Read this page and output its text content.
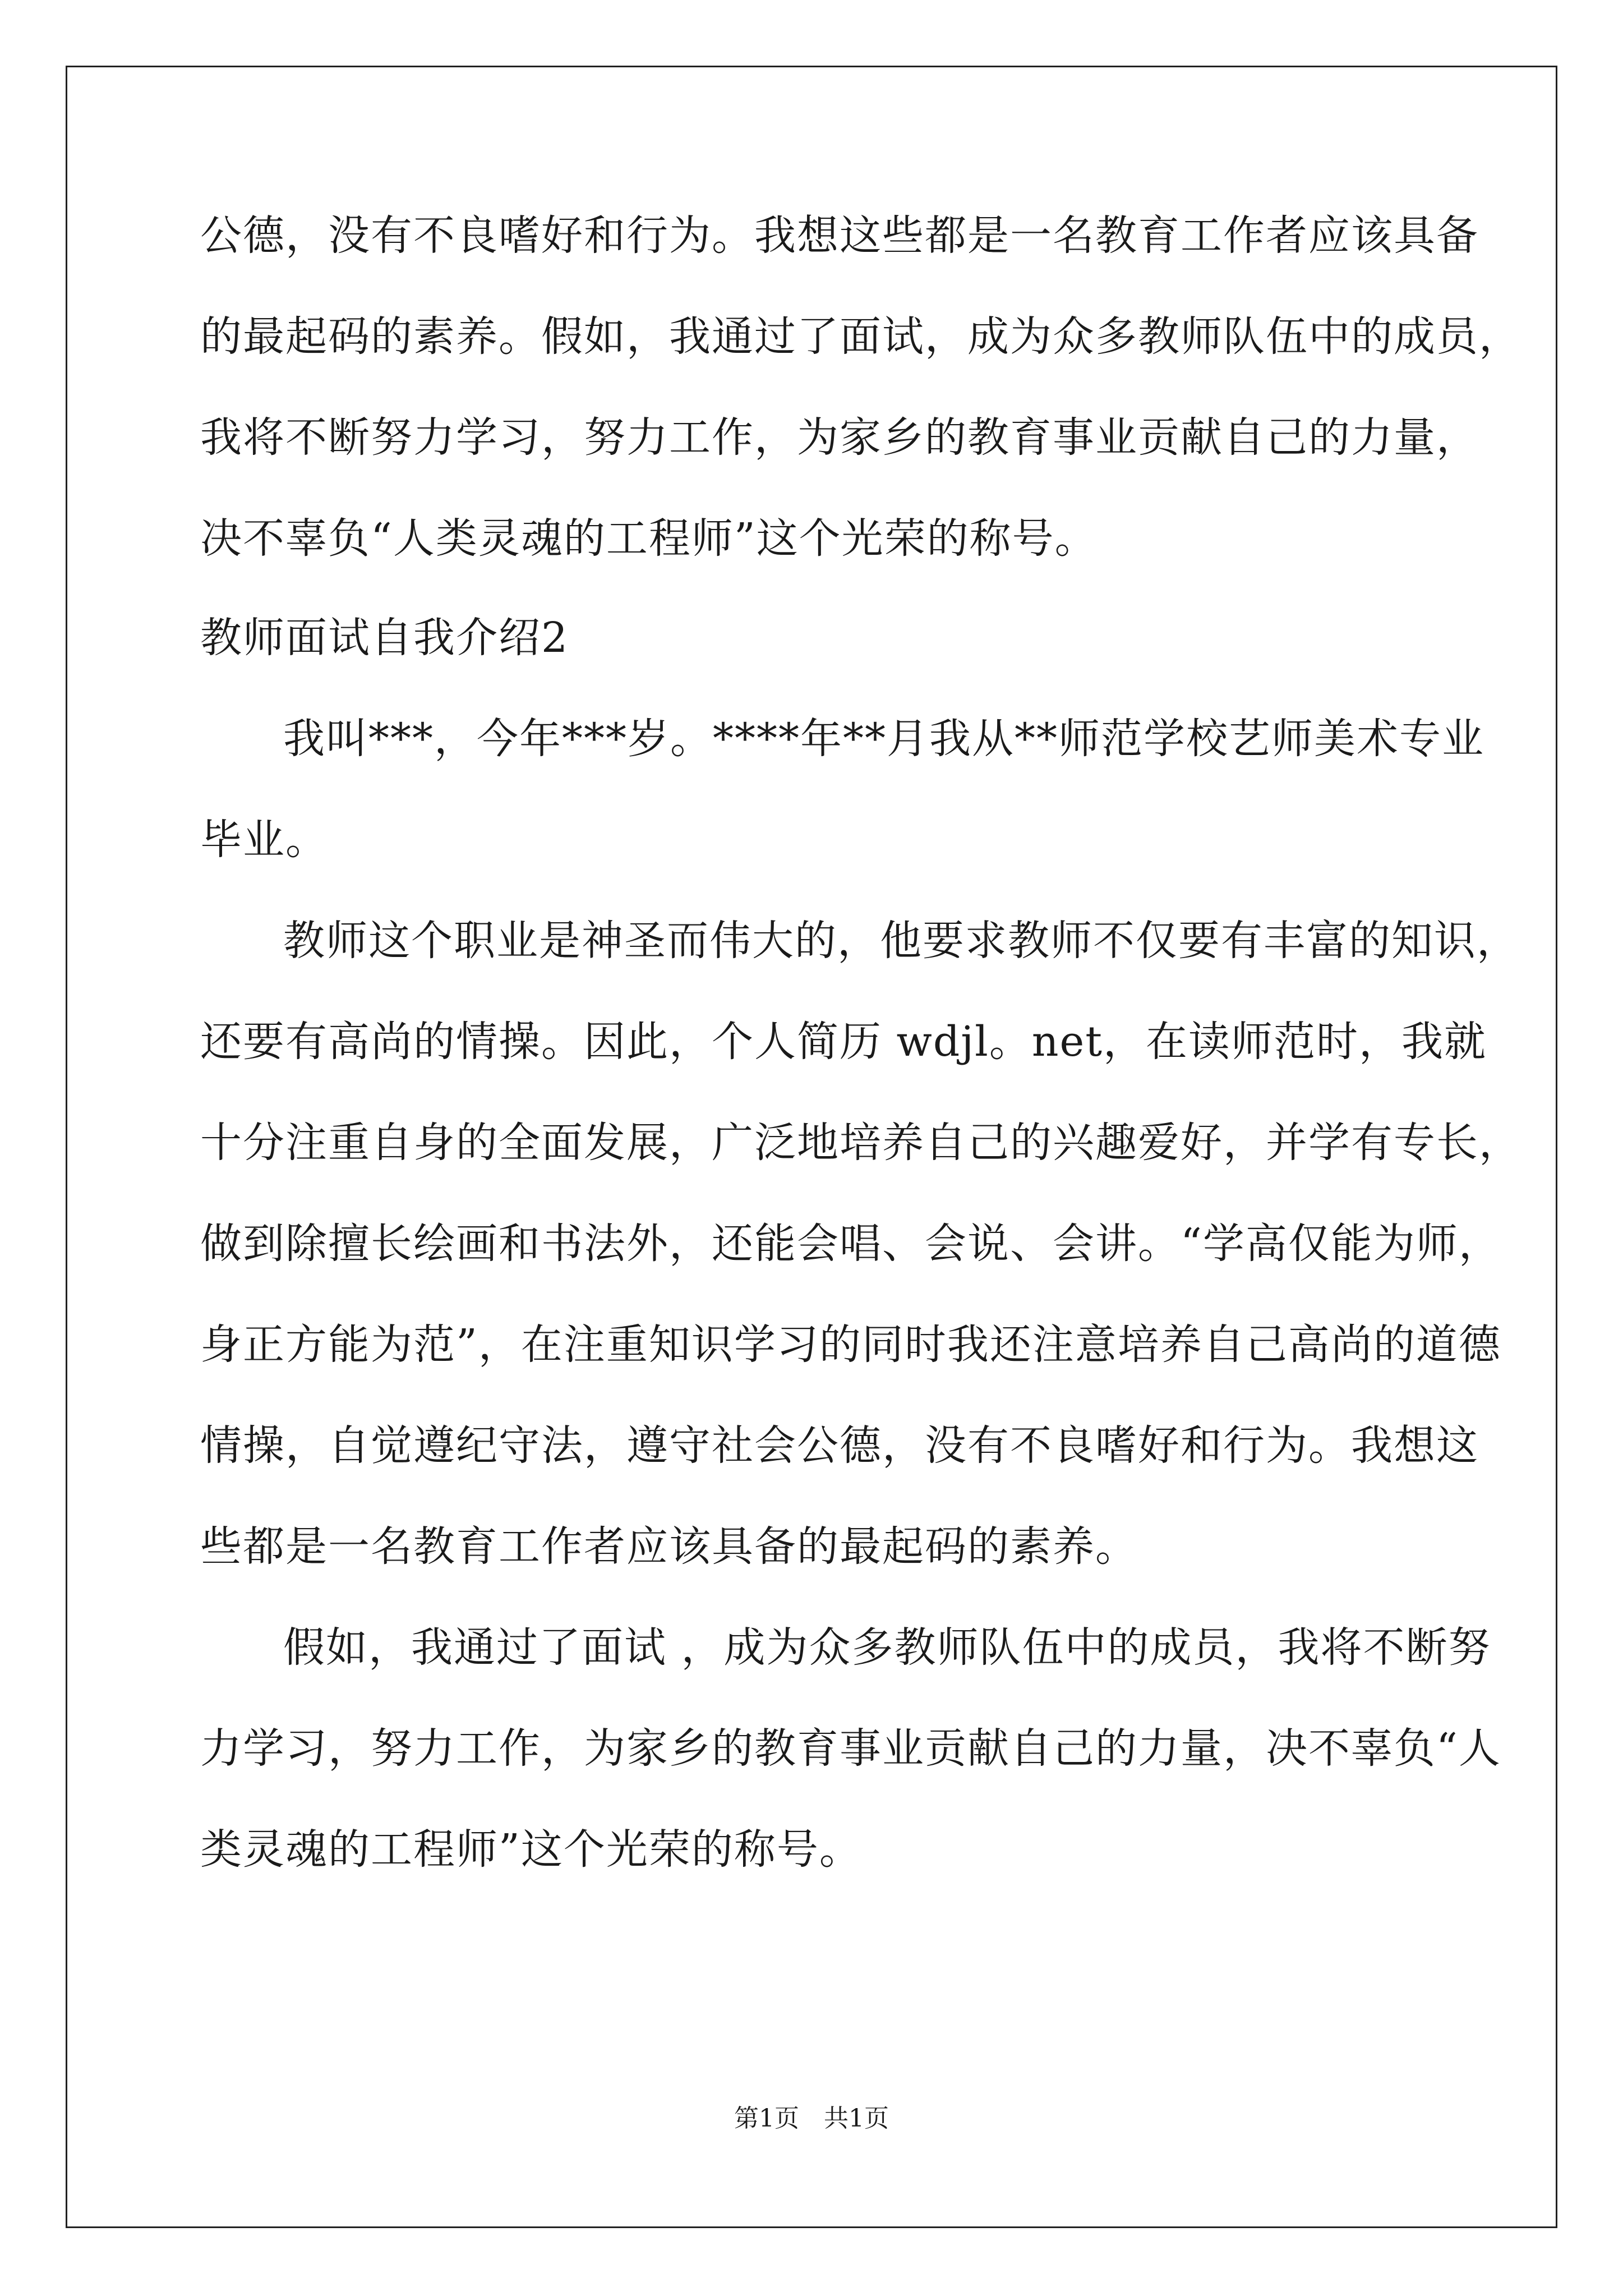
公德，没有不良嗜好和行为。我想这些都是一名教育工作者应该具备
的最起码的素养。假如，我通过了面试，成为众多教师队伍中的成员，
我将不断努力学习，努力工作，为家乡的教育事业贡献自己的力量，
决不辜负“人类灵魂的工程师”这个光荣的称号。
教师面试自我介绍2
我叫***，今年***岁。****年**月我从**师范学校艺师美术专业
毕业。
教师这个职业是神圣而伟大的，他要求教师不仅要有丰富的知识，
还要有高尚的情操。因此，个人简历 wdjl。net，在读师范时，我就
十分注重自身的全面发展，广泛地培养自己的兴趣爱好，并学有专长，
做到除擅长绘画和书法外，还能会唱、会说、会讲。“学高仅能为师，
身正方能为范”，在注重知识学习的同时我还注意培养自己高尚的道德
情操，自觉遵纪守法，遵守社会公德，没有不良嗜好和行为。我想这
些都是一名教育工作者应该具备的最起码的素养。
假如，我通过了面试 ，成为众多教师队伍中的成员，我将不断努
力学习，努力工作，为家乡的教育事业贡献自己的力量，决不辜负“人
类灵魂的工程师”这个光荣的称号。
第1页　共1页
